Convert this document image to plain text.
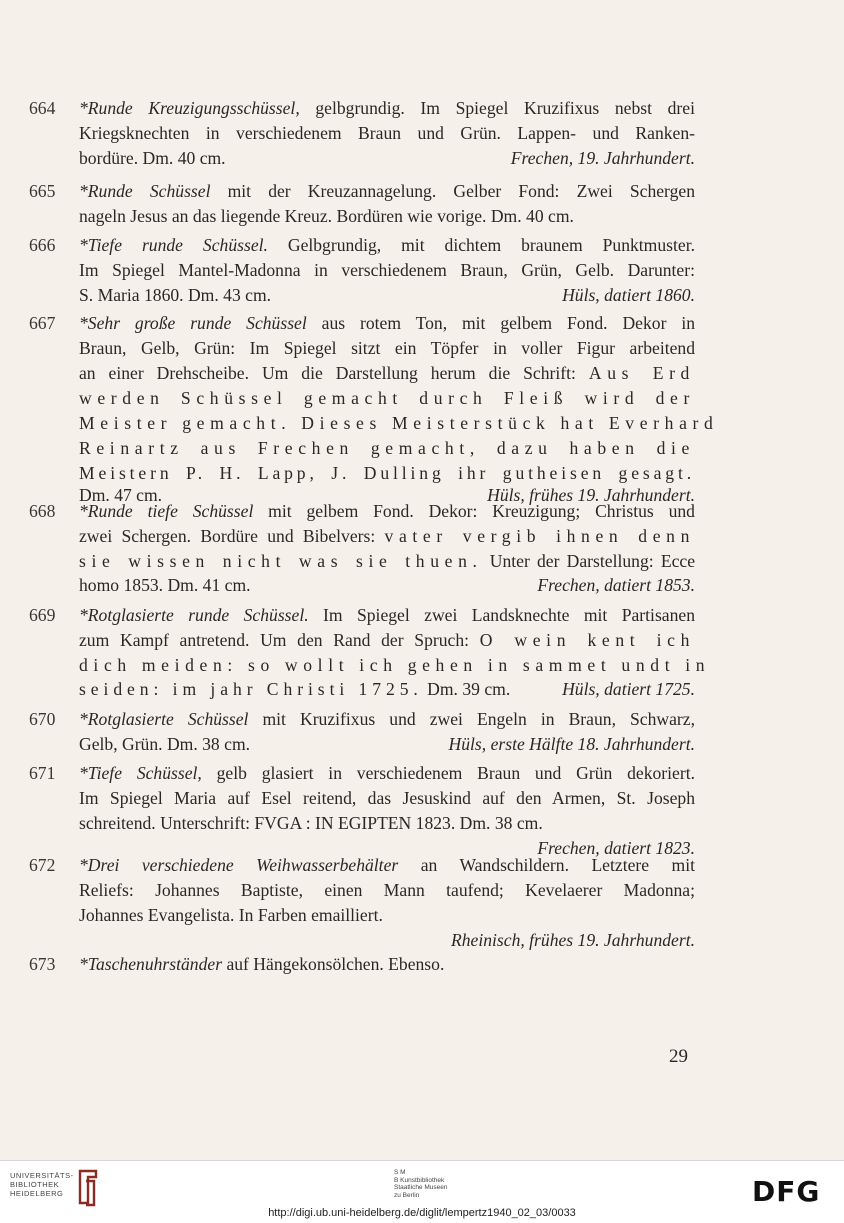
664	*Runde Kreuzigungsschüssel, gelbgrundig. Im Spiegel Kruzifixus nebst drei
Kriegsknechten in verschiedenem Braun und Grün. Lappen- und Ranken-
bordüre. Dm. 40 cm.	Frechen, 19. Jahrhundert.
665	*Runde Schüssel mit der Kreuzannagelung. Gelber Fond: Zwei Schergen
nageln Jesus an das liegende Kreuz. Bordüren wie vorige. Dm. 40 cm.
666	*Tiefe runde Schüssel. Gelbgrundig, mit dichtem braunem Punktmuster.
Im Spiegel Mantel-Madonna in verschiedenem Braun, Grün, Gelb. Darunter:
S. Maria 1860. Dm. 43 cm.	Hüls, datiert 1860.
667	*Sehr große runde Schüssel aus rotem Ton, mit gelbem Fond. Dekor in
Braun, Gelb, Grün: Im Spiegel sitzt ein Töpfer in voller Figur arbeitend
an einer Drehscheibe. Um die Darstellung herum die Schrift: Aus Erd
werden Schüssel gemacht durch Fleiß wird der
Meister gemacht. Dieses Meisterstück hat Everhard
Reinartz aus Frechen gemacht, dazu haben die
Meistern P. H. Lapp, J. Dulling ihr gutheisen gesagt.
Dm. 47 cm.	Hüls, frühes 19. Jahrhundert.
668	*Runde tiefe Schüssel mit gelbem Fond. Dekor: Kreuzigung; Christus und
zwei Schergen. Bordüre und Bibelvers: vater vergib ihnen denn
sie wissen nicht was sie thuen. Unter der Darstellung: Ecce
homo 1853. Dm. 41 cm.	Frechen, datiert 1853.
669	*Rotglasierte runde Schüssel. Im Spiegel zwei Landsknechte mit Partisanen
zum Kampf antretend. Um den Rand der Spruch: O wein kent ich
dich meiden: so wollt ich gehen in sammet undt in
seiden: im jahr Christi 1725. Dm. 39 cm.	Hüls, datiert 1725.
670	*Rotglasierte Schüssel mit Kruzifixus und zwei Engeln in Braun, Schwarz,
Gelb, Grün. Dm. 38 cm.	Hüls, erste Hälfte 18. Jahrhundert.
671	*Tiefe Schüssel, gelb glasiert in verschiedenem Braun und Grün dekoriert.
Im Spiegel Maria auf Esel reitend, das Jesuskind auf den Armen, St. Joseph
schreitend. Unterschrift: FVGA : IN EGIPTEN 1823. Dm. 38 cm.
Frechen, datiert 1823.
672	*Drei verschiedene Weihwasserbehälter an Wandschildern. Letztere mit
Reliefs: Johannes Baptiste, einen Mann taufend; Kevelaerer Madonna;
Johannes Evangelista. In Farben emailliert.
Rheinisch, frühes 19. Jahrhundert.
673	*Taschenuhrständer auf Hängekonsölchen. Ebenso.
29
UNIVERSITÄTS-
BIBLIOTHEK
HEIDELBERG
S M
B Kunstbibliothek
Staatliche Museen
zu Berlin	DFG
http://digi.ub.uni-heidelberg.de/diglit/lempertz1940_02_03/0033
